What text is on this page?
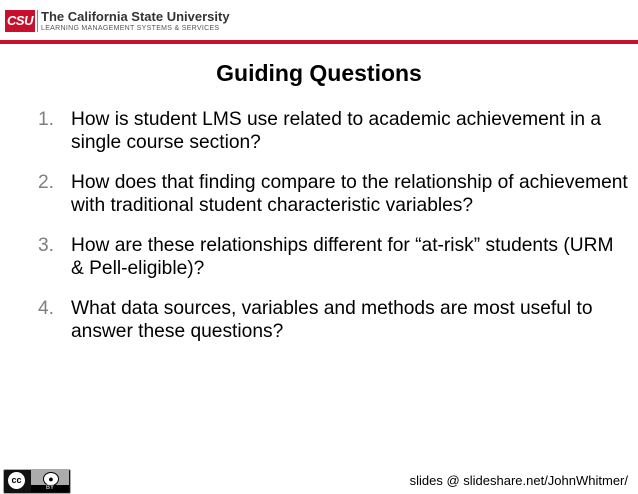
CSU The California State University
LEARNING MANAGEMENT SYSTEMS & SERVICES
Guiding Questions
1. How is student LMS use related to academic achievement in a single course section?
2. How does that finding compare to the relationship of achievement with traditional student characteristic variables?
3. How are these relationships different for “at-risk” students (URM & Pell-eligible)?
4. What data sources, variables and methods are most useful to answer these questions?
cc	●
BY	slides @ slideshare.net/JohnWhitmer/
